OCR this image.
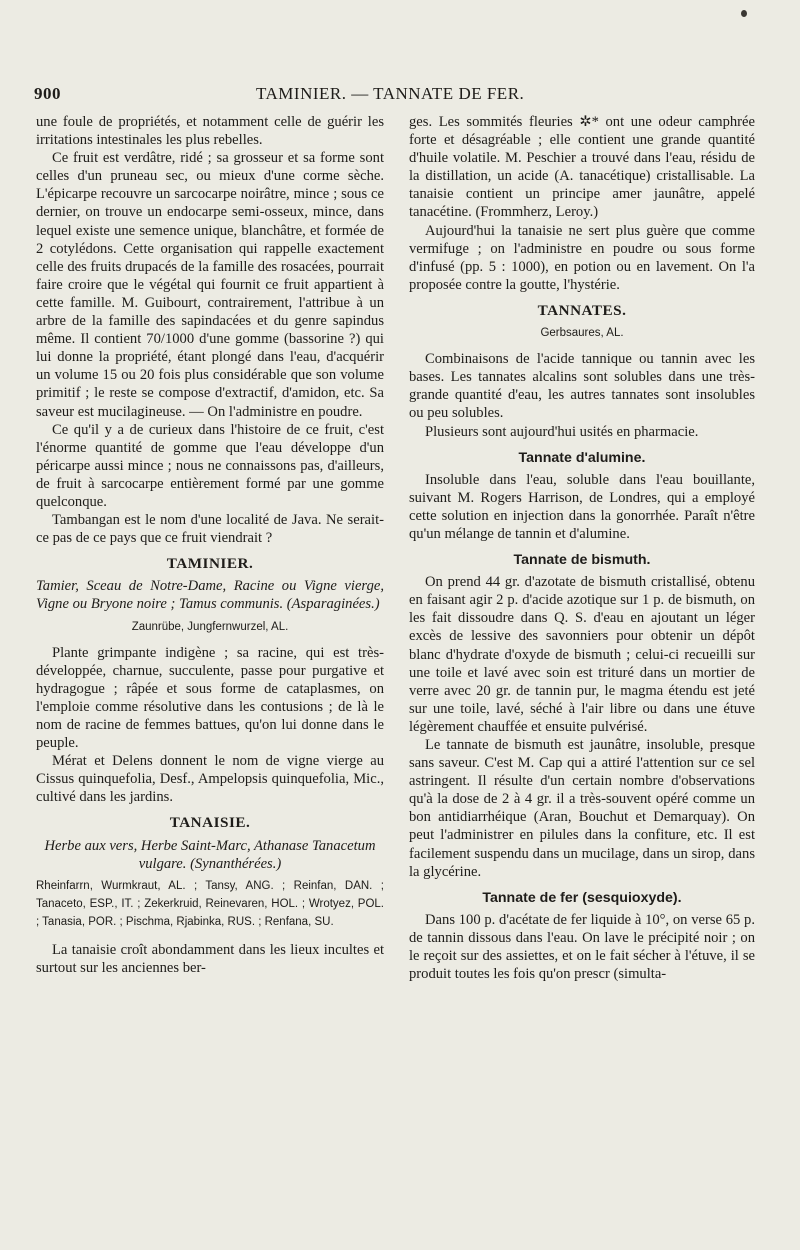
900	TAMINIER. — TANNATE DE FER.

une foule de propriétés, et notamment celle de guérir les irritations intestinales les plus rebelles.

Ce fruit est verdâtre, ridé ; sa grosseur et sa forme sont celles d'un pruneau sec, ou mieux d'une corme sèche. L'épicarpe recouvre un sarcocarpe noirâtre, mince ; sous ce dernier, on trouve un endocarpe semi-osseux, mince, dans lequel existe une semence unique, blanchâtre, et formée de 2 cotylédons. Cette organisation qui rappelle exactement celle des fruits drupacés de la famille des rosacées, pourrait faire croire que le végétal qui fournit ce fruit appartient à cette famille. M. Guibourt, contrairement, l'attribue à un arbre de la famille des sapindacées et du genre sapindus même. Il contient 70/1000 d'une gomme (bassorine ?) qui lui donne la propriété, étant plongé dans l'eau, d'acquérir un volume 15 ou 20 fois plus considérable que son volume primitif ; le reste se compose d'extractif, d'amidon, etc. Sa saveur est mucilagineuse. — On l'administre en poudre.

Ce qu'il y a de curieux dans l'histoire de ce fruit, c'est l'énorme quantité de gomme que l'eau développe d'un péricarpe aussi mince ; nous ne connaissons pas, d'ailleurs, de fruit à sarcocarpe entièrement formé par une gomme quelconque.

Tambangan est le nom d'une localité de Java. Ne serait-ce pas de ce pays que ce fruit viendrait ?

TAMINIER.

Tamier, Sceau de Notre-Dame, Racine ou Vigne vierge, Vigne ou Bryone noire ; Tamus communis. (Asparaginées.)

Zaunrübe, Jungfernwurzel, AL.

Plante grimpante indigène ; sa racine, qui est très-développée, charnue, succulente, passe pour purgative et hydragogue ; râpée et sous forme de cataplasmes, on l'emploie comme résolutive dans les contusions ; de là le nom de racine de femmes battues, qu'on lui donne dans le peuple.

Mérat et Delens donnent le nom de vigne vierge au Cissus quinquefolia, Desf., Ampelopsis quinquefolia, Mic., cultivé dans les jardins.

TANAISIE.

Herbe aux vers, Herbe Saint-Marc, Athanase Tanacetum vulgare. (Synanthérées.)

Rheinfarrn, Wurmkraut, AL. ; Tansy, ANG. ; Reinfan, DAN. ; Tanaceto, ESP., IT. ; Zekerkruid, Reinevaren, HOL. ; Wrotyez, POL. ; Tanasia, POR. ; Pischma, Rjabinka, RUS. ; Renfana, SU.

La tanaisie croît abondamment dans les lieux incultes et surtout sur les anciennes ber-

ges. Les sommités fleuries ✲* ont une odeur camphrée forte et désagréable ; elle contient une grande quantité d'huile volatile. M. Peschier a trouvé dans l'eau, résidu de la distillation, un acide (A. tanacétique) cristallisable. La tanaisie contient un principe amer jaunâtre, appelé tanacétine. (Frommherz, Leroy.)

Aujourd'hui la tanaisie ne sert plus guère que comme vermifuge ; on l'administre en poudre ou sous forme d'infusé (pp. 5 : 1000), en potion ou en lavement. On l'a proposée contre la goutte, l'hystérie.

TANNATES.
Gerbsaures, AL.

Combinaisons de l'acide tannique ou tannin avec les bases. Les tannates alcalins sont solubles dans une très-grande quantité d'eau, les autres tannates sont insolubles ou peu solubles.

Plusieurs sont aujourd'hui usités en pharmacie.

Tannate d'alumine.

Insoluble dans l'eau, soluble dans l'eau bouillante, suivant M. Rogers Harrison, de Londres, qui a employé cette solution en injection dans la gonorrhée. Paraît n'être qu'un mélange de tannin et d'alumine.

Tannate de bismuth.

On prend 44 gr. d'azotate de bismuth cristallisé, obtenu en faisant agir 2 p. d'acide azotique sur 1 p. de bismuth, on les fait dissoudre dans Q. S. d'eau en ajoutant un léger excès de lessive des savonniers pour obtenir un dépôt blanc d'hydrate d'oxyde de bismuth ; celui-ci recueilli sur une toile et lavé avec soin est trituré dans un mortier de verre avec 20 gr. de tannin pur, le magma étendu est jeté sur une toile, lavé, séché à l'air libre ou dans une étuve légèrement chauffée et ensuite pulvérisé.

Le tannate de bismuth est jaunâtre, insoluble, presque sans saveur. C'est M. Cap qui a attiré l'attention sur ce sel astringent. Il résulte d'un certain nombre d'observations qu'à la dose de 2 à 4 gr. il a très-souvent opéré comme un bon antidiarrhéique (Aran, Bouchut et Demarquay). On peut l'administrer en pilules dans la confiture, etc. Il est facilement suspendu dans un mucilage, dans un sirop, dans la glycérine.

Tannate de fer (sesquioxyde).

Dans 100 p. d'acétate de fer liquide à 10°, on verse 65 p. de tannin dissous dans l'eau. On lave le précipité noir ; on le reçoit sur des assiettes, et on le fait sécher à l'étuve, il se produit toutes les fois qu'on prescr (simulta-
